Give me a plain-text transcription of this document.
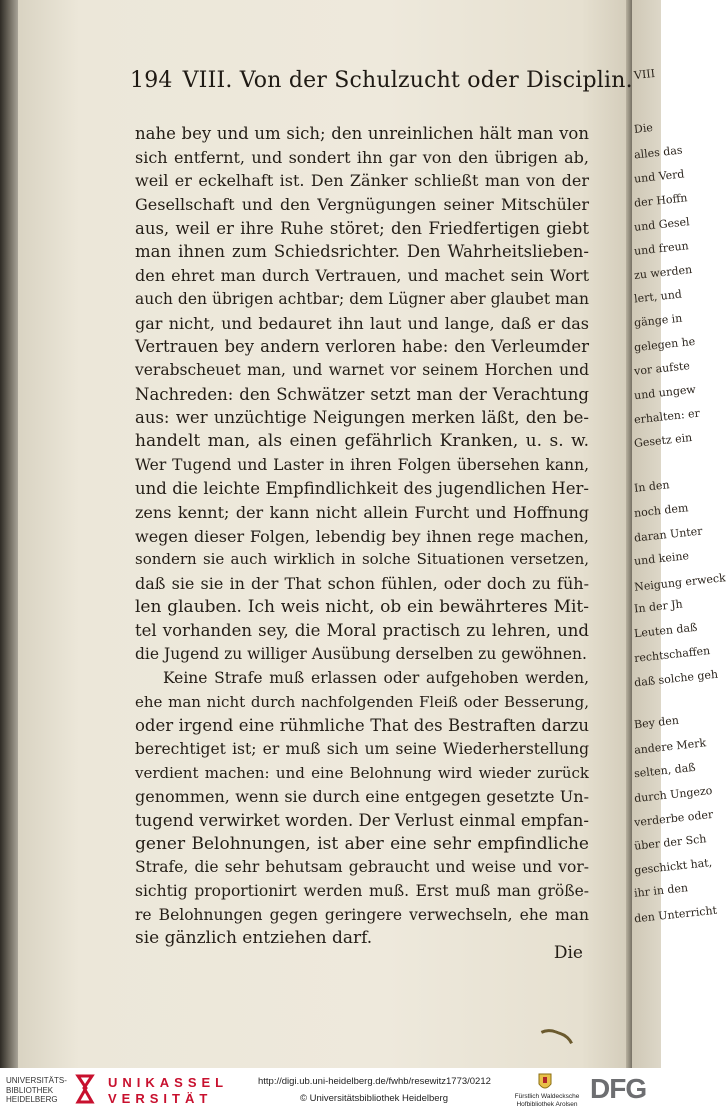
VIII
Die
alles das
und Verd
der Hoffn
und Gesel
und freun
zu werden
lert, und
gänge in
gelegen he
vor aufste
und ungew
erhalten: er
Gesetz ein
In den
noch dem
daran Unter
und keine
Neigung erweck
In der Jh
Leuten daß
rechtschaffen
daß solche geh
Bey den
andere Merk
selten, daß
durch Ungezo
verderbe oder
über der Sch
geschickt hat,
ihr in den
den Unterricht
194 VIII. Von der Schulzucht oder Disciplin.
nahe bey und um sich; den unreinlichen hält man von
sich entfernt, und sondert ihn gar von den übrigen ab,
weil er eckelhaft ist. Den Zänker schließt man von der
Gesellschaft und den Vergnügungen seiner Mitschüler
aus, weil er ihre Ruhe störet; den Friedfertigen giebt
man ihnen zum Schiedsrichter. Den Wahrheitslieben-
den ehret man durch Vertrauen, und machet sein Wort
auch den übrigen achtbar; dem Lügner aber glaubet man
gar nicht, und bedauret ihn laut und lange, daß er das
Vertrauen bey andern verloren habe: den Verleumder
verabscheuet man, und warnet vor seinem Horchen und
Nachreden: den Schwätzer setzt man der Verachtung
aus: wer unzüchtige Neigungen merken läßt, den be-
handelt man, als einen gefährlich Kranken, u. s. w.
Wer Tugend und Laster in ihren Folgen übersehen kann,
und die leichte Empfindlichkeit des jugendlichen Her-
zens kennt; der kann nicht allein Furcht und Hoffnung
wegen dieser Folgen, lebendig bey ihnen rege machen,
sondern sie auch wirklich in solche Situationen versetzen,
daß sie sie in der That schon fühlen, oder doch zu füh-
len glauben. Ich weis nicht, ob ein bewährteres Mit-
tel vorhanden sey, die Moral practisch zu lehren, und
die Jugend zu williger Ausübung derselben zu gewöhnen.
Keine Strafe muß erlassen oder aufgehoben werden,
ehe man nicht durch nachfolgenden Fleiß oder Besserung,
oder irgend eine rühmliche That des Bestraften darzu
berechtiget ist; er muß sich um seine Wiederherstellung
verdient machen: und eine Belohnung wird wieder zurück
genommen, wenn sie durch eine entgegen gesetzte Un-
tugend verwirket worden. Der Verlust einmal empfan-
gener Belohnungen, ist aber eine sehr empfindliche
Strafe, die sehr behutsam gebraucht und weise und vor-
sichtig proportionirt werden muß. Erst muß man größe-
re Belohnungen gegen geringere verwechseln, ehe man
sie gänzlich entziehen darf.
Die
UNIVERSITÄTS-
BIBLIOTHEK
HEIDELBERG
UNIKASSEL
VERSITÄT
http://digi.ub.uni-heidelberg.de/fwhb/resewitz1773/0212
© Universitätsbibliothek Heidelberg	Fürstlich Waldecksche
Hofbibliothek Arolsen DFG
